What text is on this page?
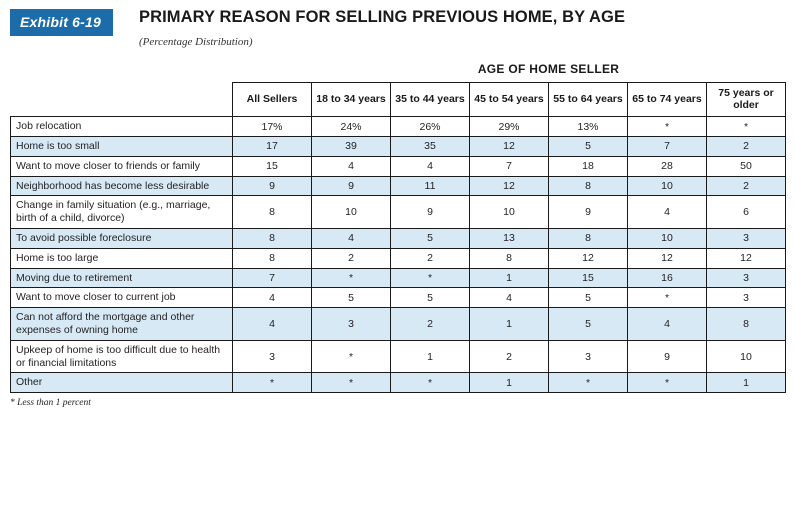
Exhibit 6-19	PRIMARY REASON FOR SELLING PREVIOUS HOME, BY AGE
(Percentage Distribution)
		AGE OF HOME SELLER					
	All Sellers	18 to 34 years	35 to 44 years	45 to 54 years	55 to 64 years	65 to 74 years	75 years or older
Job relocation	17%	24%	26%	29%	13%	*	*
Home is too small	17	39	35	12	5	7	2
Want to move closer to friends or family	15	4	4	7	18	28	50
Neighborhood has become less desirable	9	9	11	12	8	10	2
Change in family situation (e.g., marriage, birth of a child, divorce)	8	10	9	10	9	4	6
To avoid possible foreclosure	8	4	5	13	8	10	3
Home is too large	8	2	2	8	12	12	12
Moving due to retirement	7	*	*	1	15	16	3
Want to move closer to current job	4	5	5	4	5	*	3
Can not afford the mortgage and other expenses of owning home	4	3	2	1	5	4	8
Upkeep of home is too difficult due to health or financial limitations	3	*	1	2	3	9	10
Other	*	*	*	1	*	*	1
* Less than 1 percent
